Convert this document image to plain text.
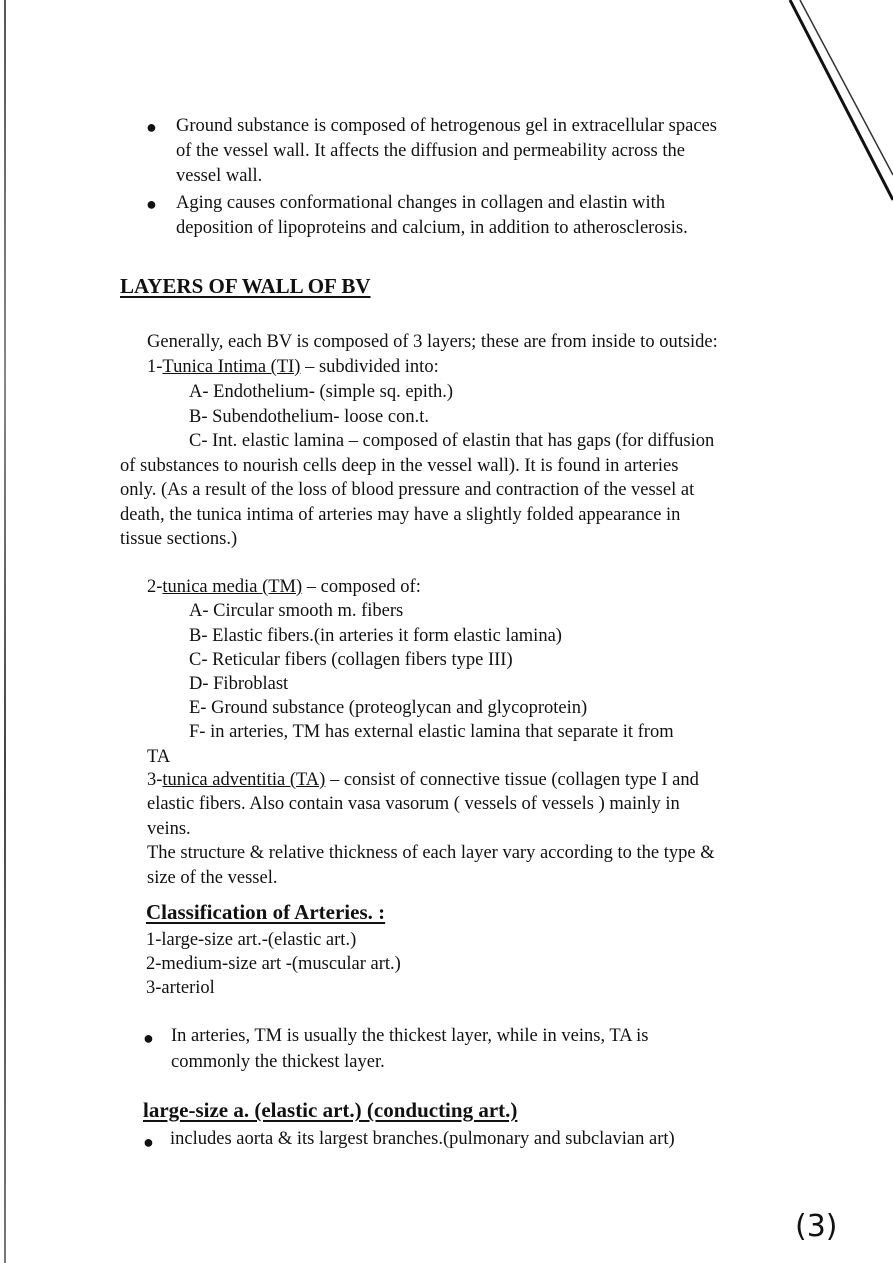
● Ground substance is composed of hetrogenous gel in extracellular spaces
of the vessel wall. It affects the diffusion and permeability across the
vessel wall.
● Aging causes conformational changes in collagen and elastin with
deposition of lipoproteins and calcium, in addition to atherosclerosis.
LAYERS OF WALL OF BV
Generally, each BV is composed of 3 layers; these are from inside to outside:
1-Tunica Intima (TI) – subdivided into:
A- Endothelium- (simple sq. epith.)
B- Subendothelium- loose con.t.
C- Int. elastic lamina – composed of elastin that has gaps (for diffusion
of substances to nourish cells deep in the vessel wall). It is found in arteries
only. (As a result of the loss of blood pressure and contraction of the vessel at
death, the tunica intima of arteries may have a slightly folded appearance in
tissue sections.)
2-tunica media (TM) – composed of:
A- Circular smooth m. fibers
B- Elastic fibers.(in arteries it form elastic lamina)
C- Reticular fibers (collagen fibers type III)
D- Fibroblast
E- Ground substance (proteoglycan and glycoprotein)
F- in arteries, TM has external elastic lamina that separate it from
TA
3-tunica adventitia (TA) – consist of connective tissue (collagen type I and
elastic fibers. Also contain vasa vasorum ( vessels of vessels ) mainly in
veins.
The structure & relative thickness of each layer vary according to the type &
size of the vessel.
Classification of Arteries. :
1-large-size art.-(elastic art.)
2-medium-size art -(muscular art.)
3-arteriol
● In arteries, TM is usually the thickest layer, while in veins, TA is
commonly the thickest layer.
large-size a. (elastic art.) (conducting art.)
● includes aorta & its largest branches.(pulmonary and subclavian art)
(3)
